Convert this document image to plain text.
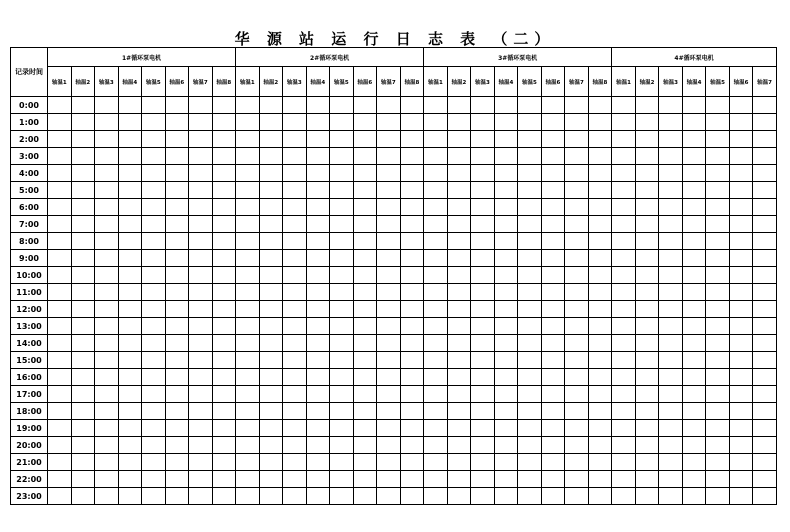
华 源 站 运 行 日 志 表 （二）
记录时间	1#循环泵电机								2#循环泵电机								3#循环泵电机								4#循环泵电机						
	轴温1	轴温2	轴温3	轴温4	轴温5	轴温6	轴温7	轴温8	轴温1	轴温2	轴温3	轴温4	轴温5	轴温6	轴温7	轴温8	轴温1	轴温2	轴温3	轴温4	轴温5	轴温6	轴温7	轴温8	轴温1	轴温2	轴温3	轴温4	轴温5	轴温6	轴温7
0:00																															
1:00																															
2:00																															
3:00																															
4:00																															
5:00																															
6:00																															
7:00																															
8:00																															
9:00																															
10:00																															
11:00																															
12:00																															
13:00																															
14:00																															
15:00																															
16:00																															
17:00																															
18:00																															
19:00																															
20:00																															
21:00																															
22:00																															
23:00																															
